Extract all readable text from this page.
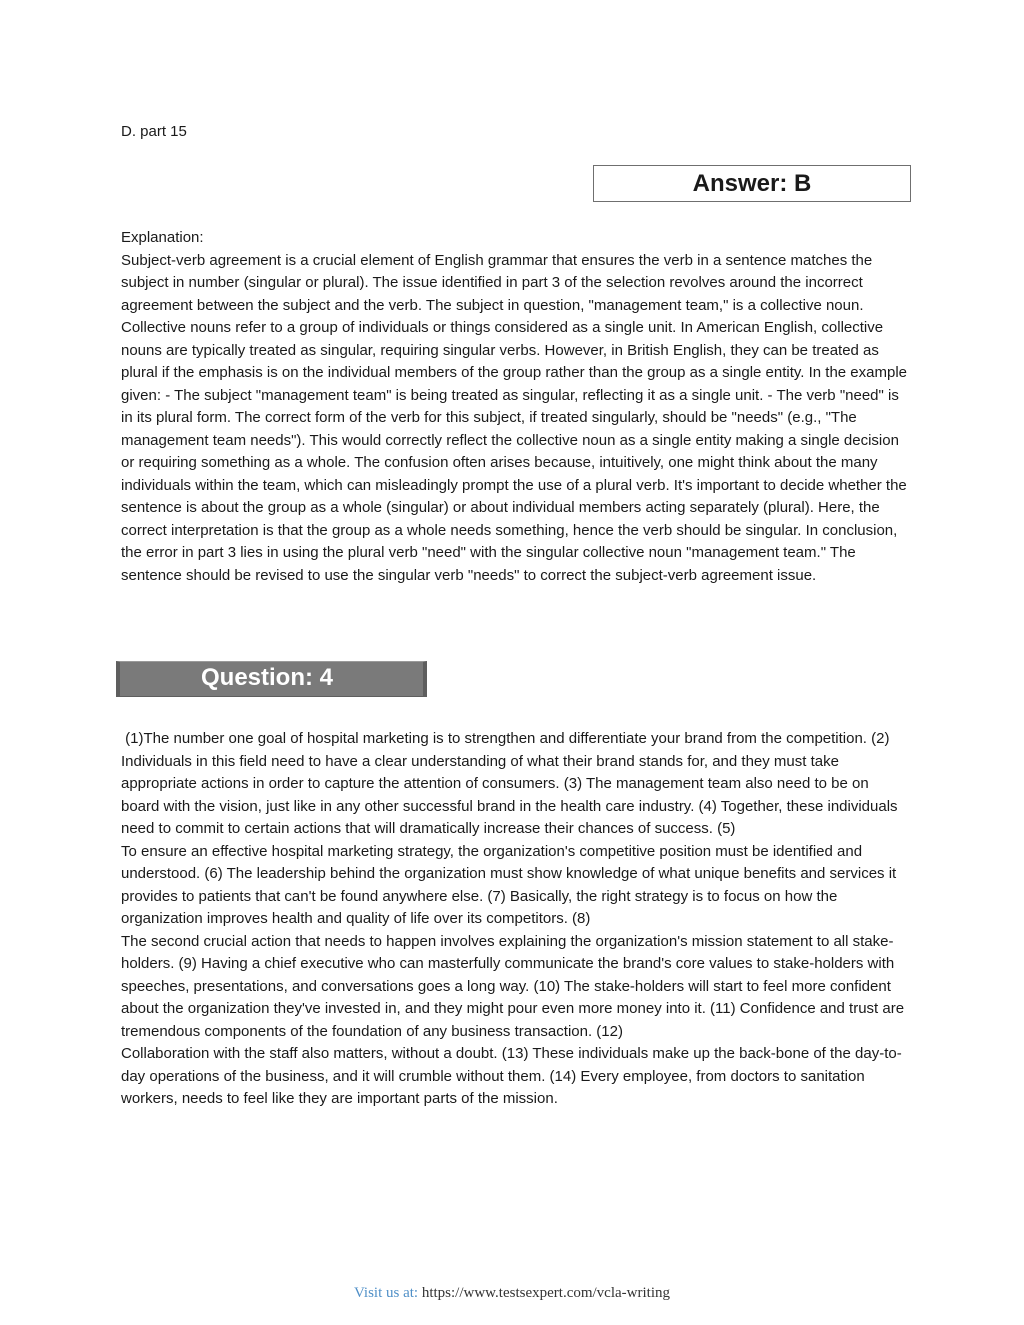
D. part 15
Answer: B

Explanation:

Subject-verb agreement is a crucial element of English grammar that ensures the verb in a sentence matches the subject in number (singular or plural). The issue identified in part 3 of the selection revolves around the incorrect agreement between the subject and the verb. The subject in question, "management team," is a collective noun. Collective nouns refer to a group of individuals or things considered as a single unit. In American English, collective nouns are typically treated as singular, requiring singular verbs. However, in British English, they can be treated as plural if the emphasis is on the individual members of the group rather than the group as a single entity. In the example given: - The subject "management team" is being treated as singular, reflecting it as a single unit. - The verb "need" is in its plural form. The correct form of the verb for this subject, if treated singularly, should be "needs" (e.g., "The management team needs"). This would correctly reflect the collective noun as a single entity making a single decision or requiring something as a whole. The confusion often arises because, intuitively, one might think about the many individuals within the team, which can misleadingly prompt the use of a plural verb. It's important to decide whether the sentence is about the group as a whole (singular) or about individual members acting separately (plural). Here, the correct interpretation is that the group as a whole needs something, hence the verb should be singular. In conclusion, the error in part 3 lies in using the plural verb "need" with the singular collective noun "management team." The sentence should be revised to use the singular verb "needs" to correct the subject-verb agreement issue.

Question: 4

(1)The number one goal of hospital marketing is to strengthen and differentiate your brand from the competition. (2) Individuals in this field need to have a clear understanding of what their brand stands for, and they must take appropriate actions in order to capture the attention of consumers. (3) The management team also need to be on board with the vision, just like in any other successful brand in the health care industry. (4) Together, these individuals need to commit to certain actions that will dramatically increase their chances of success. (5)

To ensure an effective hospital marketing strategy, the organization's competitive position must be identified and understood. (6) The leadership behind the organization must show knowledge of what unique benefits and services it provides to patients that can't be found anywhere else. (7) Basically, the right strategy is to focus on how the organization improves health and quality of life over its competitors. (8)

The second crucial action that needs to happen involves explaining the organization's mission statement to all stake-holders. (9) Having a chief executive who can masterfully communicate the brand's core values to stake-holders with speeches, presentations, and conversations goes a long way. (10) The stake-holders will start to feel more confident about the organization they've invested in, and they might pour even more money into it. (11) Confidence and trust are tremendous components of the foundation of any business transaction. (12)

Collaboration with the staff also matters, without a doubt. (13) These individuals make up the back-bone of the day-to-day operations of the business, and it will crumble without them. (14) Every employee, from doctors to sanitation workers, needs to feel like they are important parts of the mission.

Visit us at: https://www.testsexpert.com/vcla-writing
